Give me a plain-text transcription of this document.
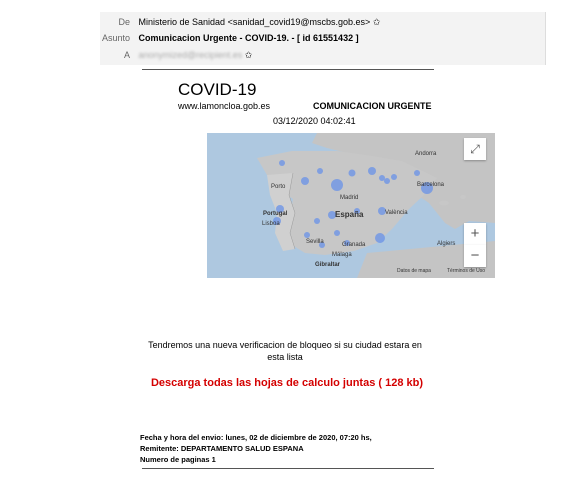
De Ministerio de Sanidad <sanidad_covid19@mscbs.gob.es> ✩
Asunto Comunicacion Urgente - COVID-19. - [ id 61551432 ]
A anonymized@recipient.es ✩
COVID-19
www.lamoncloa.gob.es	COMUNICACION URGENTE
03/12/2020 04:02:41
Andorra
Barcelona
Porto
Madrid
Portugal	España	València
Lisboa
Sevilla	Granada
Málaga
Gibraltar
Algiers
Datos de mapa	Términos de Uso
⤢
+
−
Tendremos una nueva verificacion de bloqueo si su ciudad estara en esta lista
Descarga todas las hojas de calculo juntas ( 128 kb)
Fecha y hora del envio: lunes, 02 de diciembre de 2020, 07:20 hs,
Remitente: DEPARTAMENTO SALUD ESPANA
Numero de paginas 1
